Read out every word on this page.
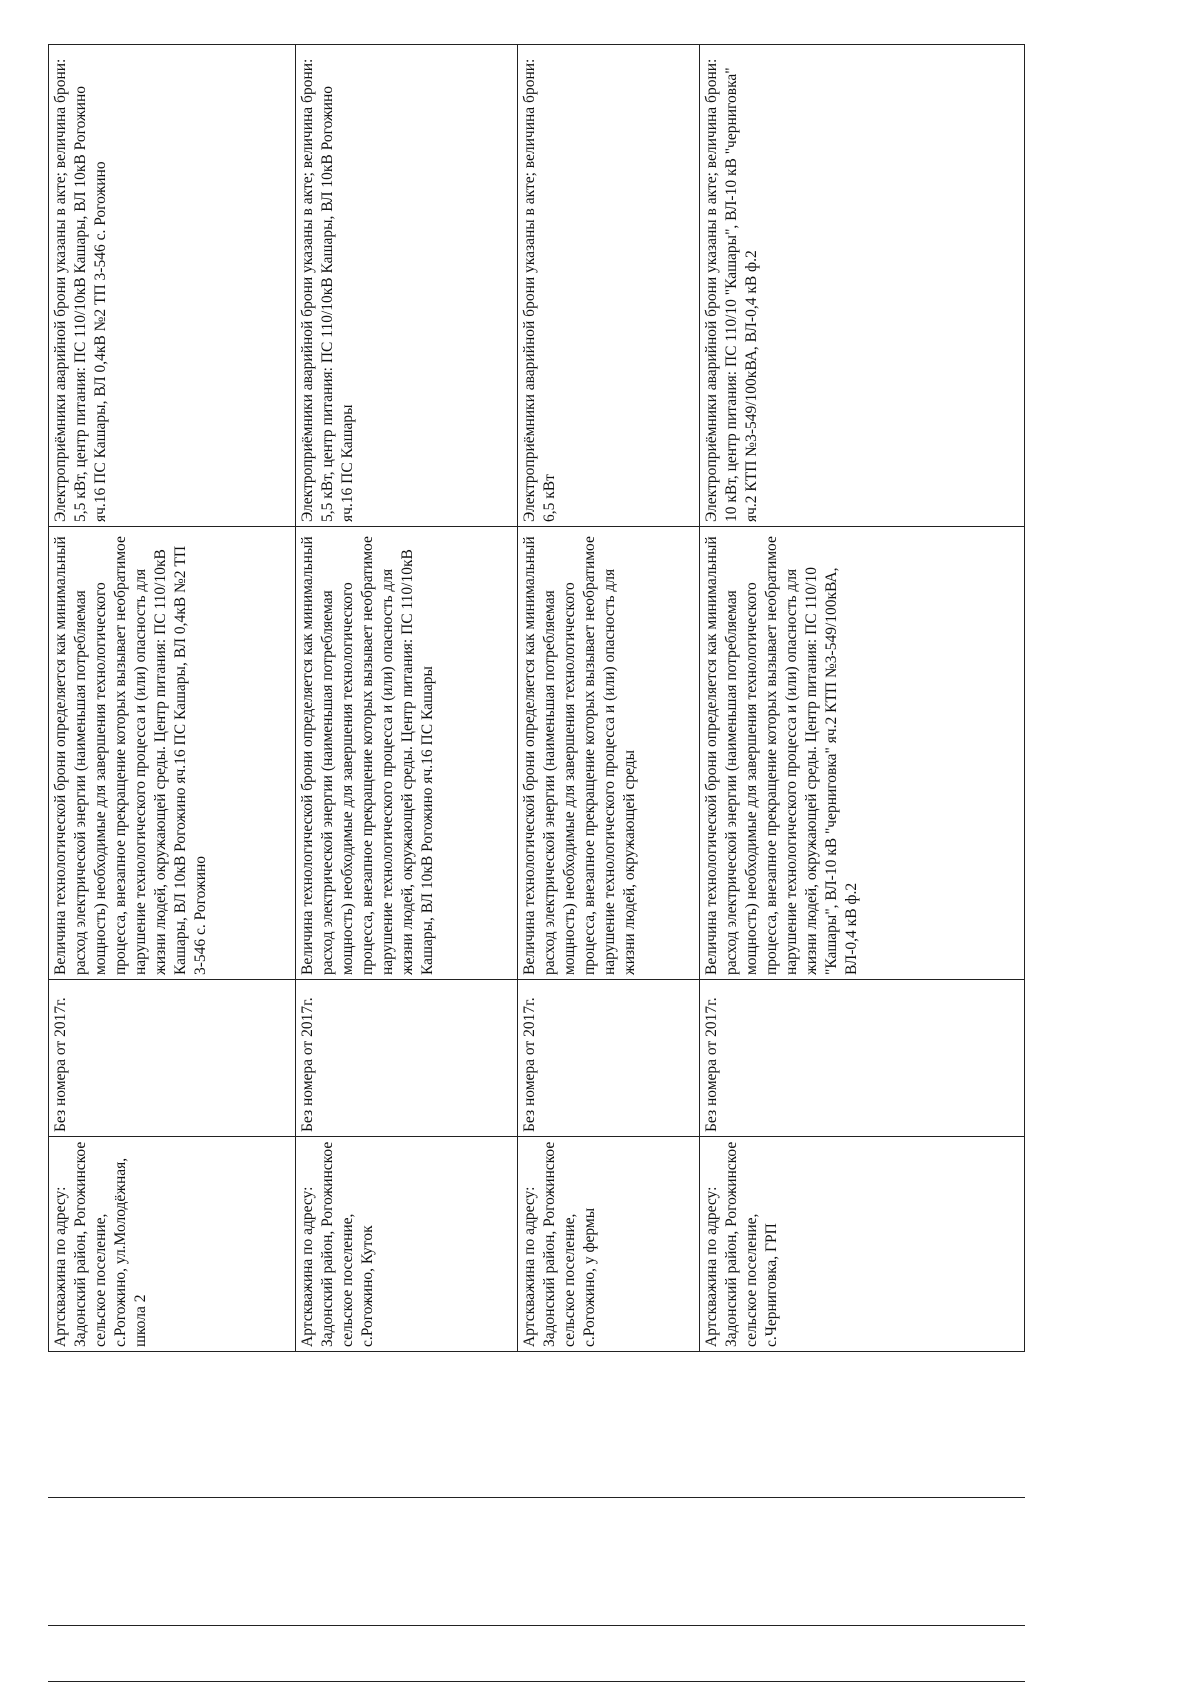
Артскважина по адресу: Задонский район, Рогожинское сельское поселение, с.Рогожино, ул.Молодёжная, школа 2	Без номера от 2017г.	Величина технологической брони определяется как минимальный расход электрической энергии (наименьшая потребляемая мощность) необходимые для завершения технологического процесса, внезапное прекращение которых вызывает необратимое нарушение технологического процесса и (или) опасность для жизни людей, окружающей среды. Центр питания: ПС 110/10кВ Кашары, ВЛ 10кВ Рогожино яч.16 ПС Кашары, ВЛ 0,4кВ №2 ТП 3-546 с. Рогожино	Электроприёмники аварийной брони указаны в акте; величина брони: 5,5 кВт, центр питания: ПС 110/10кВ Кашары, ВЛ 10кВ Рогожино яч.16 ПС Кашары, ВЛ 0,4кВ №2 ТП 3-546 с. Рогожино
Артскважина по адресу: Задонский район, Рогожинское сельское поселение, с.Рогожино, Куток	Без номера от 2017г.	Величина технологической брони определяется как минимальный расход электрической энергии (наименьшая потребляемая мощность) необходимые для завершения технологического процесса, внезапное прекращение которых вызывает необратимое нарушение технологического процесса и (или) опасность для жизни людей, окружающей среды. Центр питания: ПС 110/10кВ Кашары, ВЛ 10кВ Рогожино яч.16 ПС Кашары	Электроприёмники аварийной брони указаны в акте; величина брони: 5,5 кВт, центр питания: ПС 110/10кВ Кашары, ВЛ 10кВ Рогожино яч.16 ПС Кашары
Артскважина по адресу: Задонский район, Рогожинское сельское поселение, с.Рогожино, у фермы	Без номера от 2017г.	Величина технологической брони определяется как минимальный расход электрической энергии (наименьшая потребляемая мощность) необходимые для завершения технологического процесса, внезапное прекращение которых вызывает необратимое нарушение технологического процесса и (или) опасность для жизни людей, окружающей среды	Электроприёмники аварийной брони указаны в акте; величина брони: 6,5 кВт
Артскважина по адресу: Задонский район, Рогожинское сельское поселение, с.Черниговка, ГРП	Без номера от 2017г.	Величина технологической брони определяется как минимальный расход электрической энергии (наименьшая потребляемая мощность) необходимые для завершения технологического процесса, внезапное прекращение которых вызывает необратимое нарушение технологического процесса и (или) опасность для жизни людей, окружающей среды. Центр питания: ПС 110/10 "Кашары", ВЛ-10 кВ "черниговка" яч.2 КТП №3-549/100кВА, ВЛ-0,4 кВ ф.2	Электроприёмники аварийной брони указаны в акте; величина брони: 10 кВт, центр питания: ПС 110/10 "Кашары", ВЛ-10 кВ "черниговка" яч.2 КТП №3-549/100кВА, ВЛ-0,4 кВ ф.2
